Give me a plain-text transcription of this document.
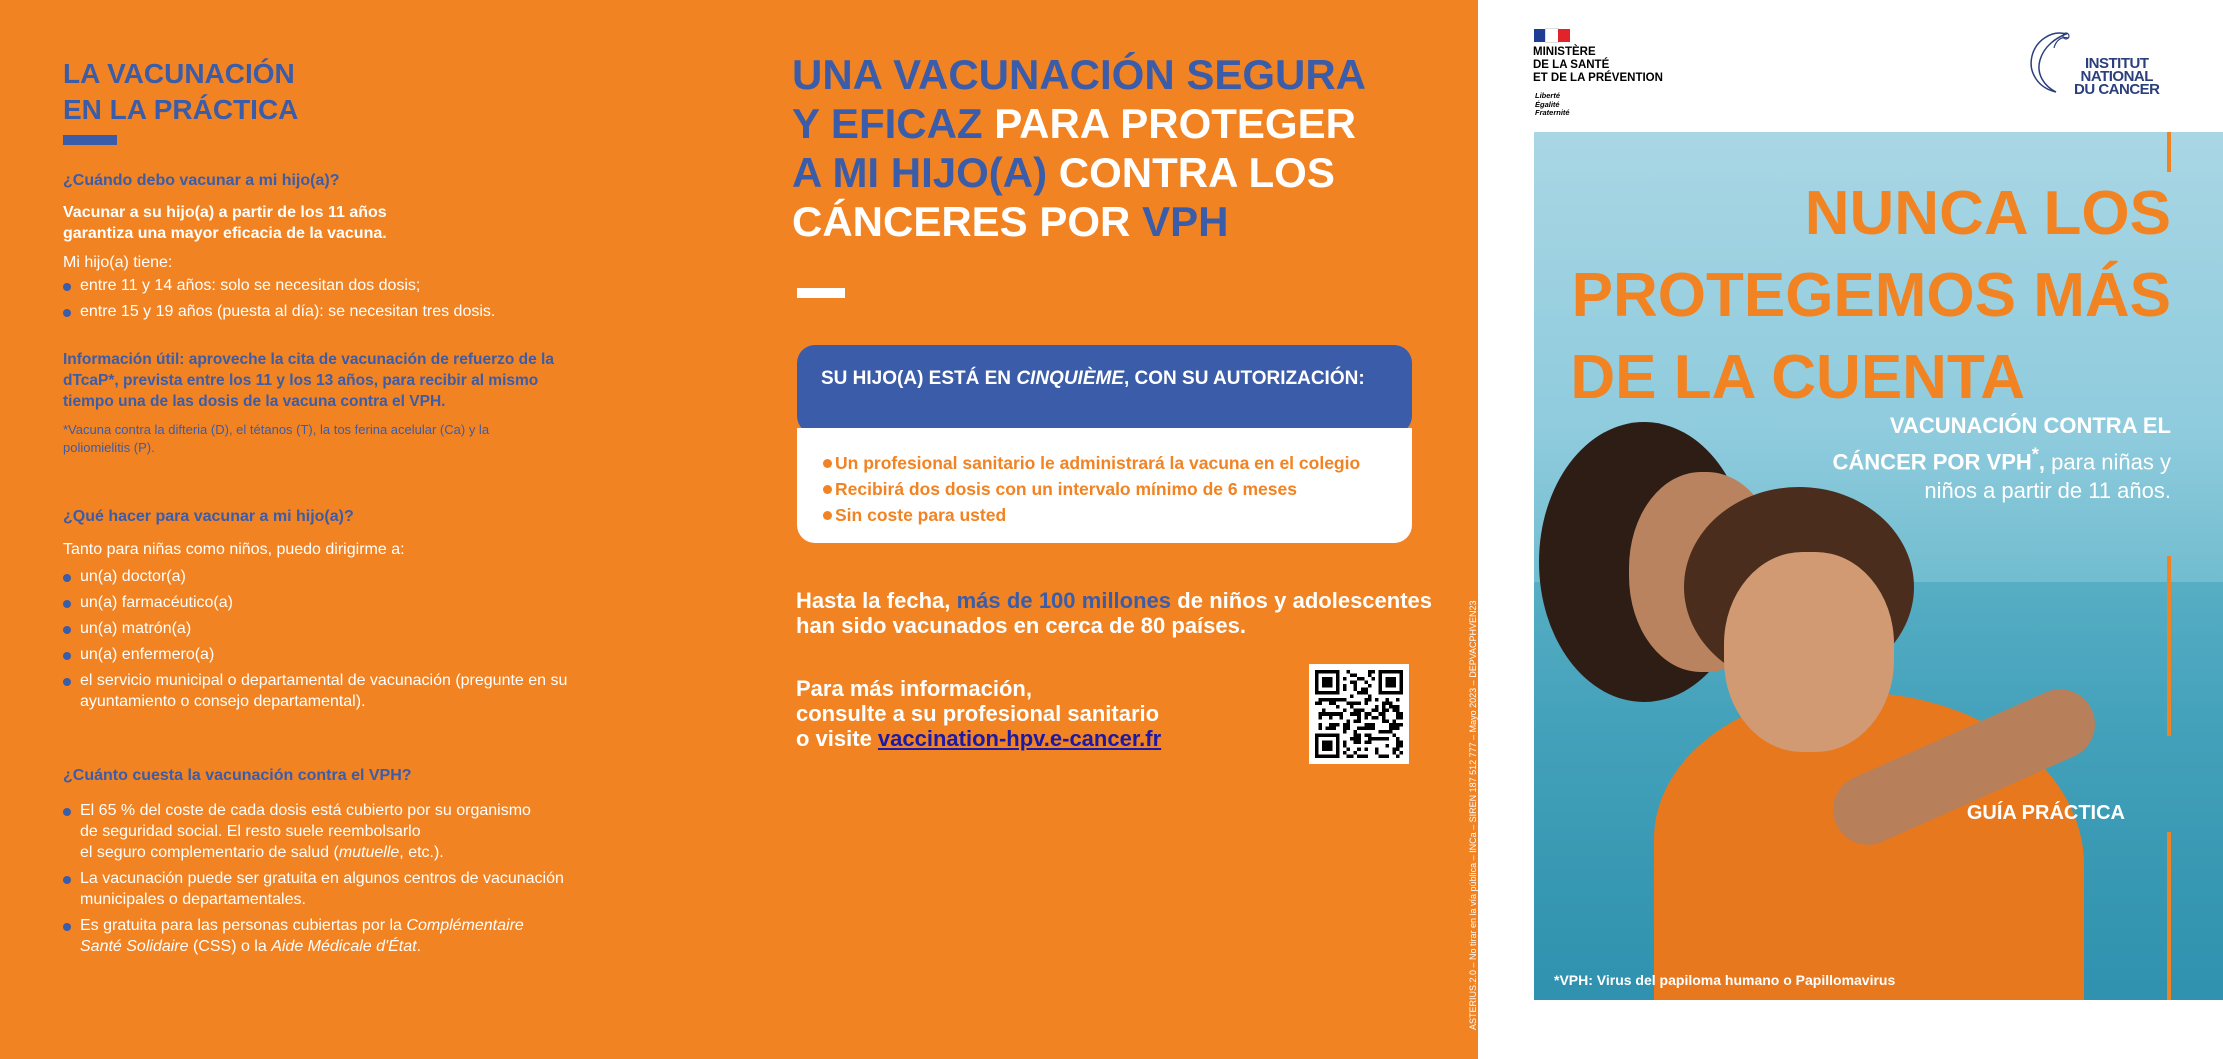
LA VACUNACIÓN
EN LA PRÁCTICA
¿Cuándo debo vacunar a mi hijo(a)?
Vacunar a su hijo(a) a partir de los 11 años
garantiza una mayor eficacia de la vacuna.
Mi hijo(a) tiene:
entre 11 y 14 años: solo se necesitan dos dosis;
entre 15 y 19 años (puesta al día): se necesitan tres dosis.
Información útil: aproveche la cita de vacunación de refuerzo de la
dTcaP*, prevista entre los 11 y los 13 años, para recibir al mismo
tiempo una de las dosis de la vacuna contra el VPH.
*Vacuna contra la difteria (D), el tétanos (T), la tos ferina acelular (Ca) y la
poliomielitis (P).
¿Qué hacer para vacunar a mi hijo(a)?
Tanto para niñas como niños, puedo dirigirme a:
un(a) doctor(a)
un(a) farmacéutico(a)
un(a) matrón(a)
un(a) enfermero(a)
el servicio municipal o departamental de vacunación (pregunte en su
ayuntamiento o consejo departamental).
¿Cuánto cuesta la vacunación contra el VPH?
El 65 % del coste de cada dosis está cubierto por su organismo
de seguridad social. El resto suele reembolsarlo
el seguro complementario de salud (mutuelle, etc.).
La vacunación puede ser gratuita en algunos centros de vacunación
municipales o departamentales.
Es gratuita para las personas cubiertas por la Complémentaire
Santé Solidaire (CSS) o la Aide Médicale d'État.
UNA VACUNACIÓN SEGURA
Y EFICAZ PARA PROTEGER
A MI HIJO(A) CONTRA LOS
CÁNCERES POR VPH
SU HIJO(A) ESTÁ EN CINQUIÈME, CON SU AUTORIZACIÓN:
Un profesional sanitario le administrará la vacuna en el colegio
Recibirá dos dosis con un intervalo mínimo de 6 meses
Sin coste para usted
Hasta la fecha, más de 100 millones de niños y adolescentes han sido vacunados en cerca de 80 países.
Para más información,
consulte a su profesional sanitario
o visite vaccination-hpv.e-cancer.fr	ASTERIUS.2.0 – No tirar en la vía pública – INCa – SIREN 187 512 777 – Mayo 2023 – DEPVACPHVEN23
MINISTÈRE
DE LA SANTÉ
ET DE LA PRÉVENTION
Liberté
Égalité
Fraternité
INSTITUT
NATIONAL
DU CANCER
NUNCA LOS
PROTEGEMOS MÁS
DE LA CUENTA
VACUNACIÓN CONTRA EL
CÁNCER POR VPH*, para niñas y
niños a partir de 11 años.
GUÍA PRÁCTICA
*VPH: Virus del papiloma humano o Papillomavirus
